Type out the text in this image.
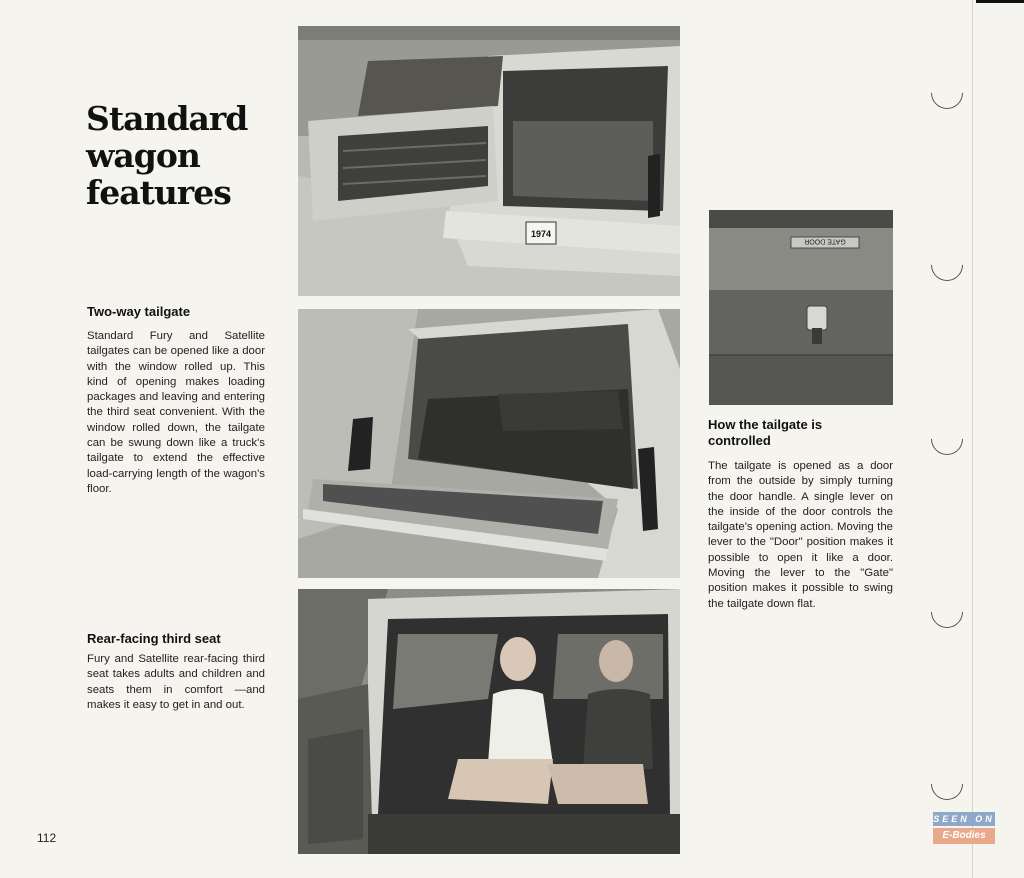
Standard
wagon
features
Two-way tailgate
Standard Fury and Satellite tailgates can be opened like a door with the window rolled up. This kind of opening makes loading packages and leaving and entering the third seat convenient. With the window rolled down, the tailgate can be swung down like a truck's tailgate to extend the effective load-carrying length of the wagon's floor.
Rear-facing third seat
Fury and Satellite rear-facing third seat takes adults and children and seats them in comfort —and makes it easy to get in and out.
How the tailgate is controlled
The tailgate is opened as a door from the outside by simply turning the door handle. A single lever on the inside of the door controls the tailgate's opening action. Moving the lever to the "Door" position makes it possible to open it like a door. Moving the lever to the "Gate" position makes it possible to swing the tailgate down flat.
1974
GATE DOOR
112
SEEN ON
E-Bodies
